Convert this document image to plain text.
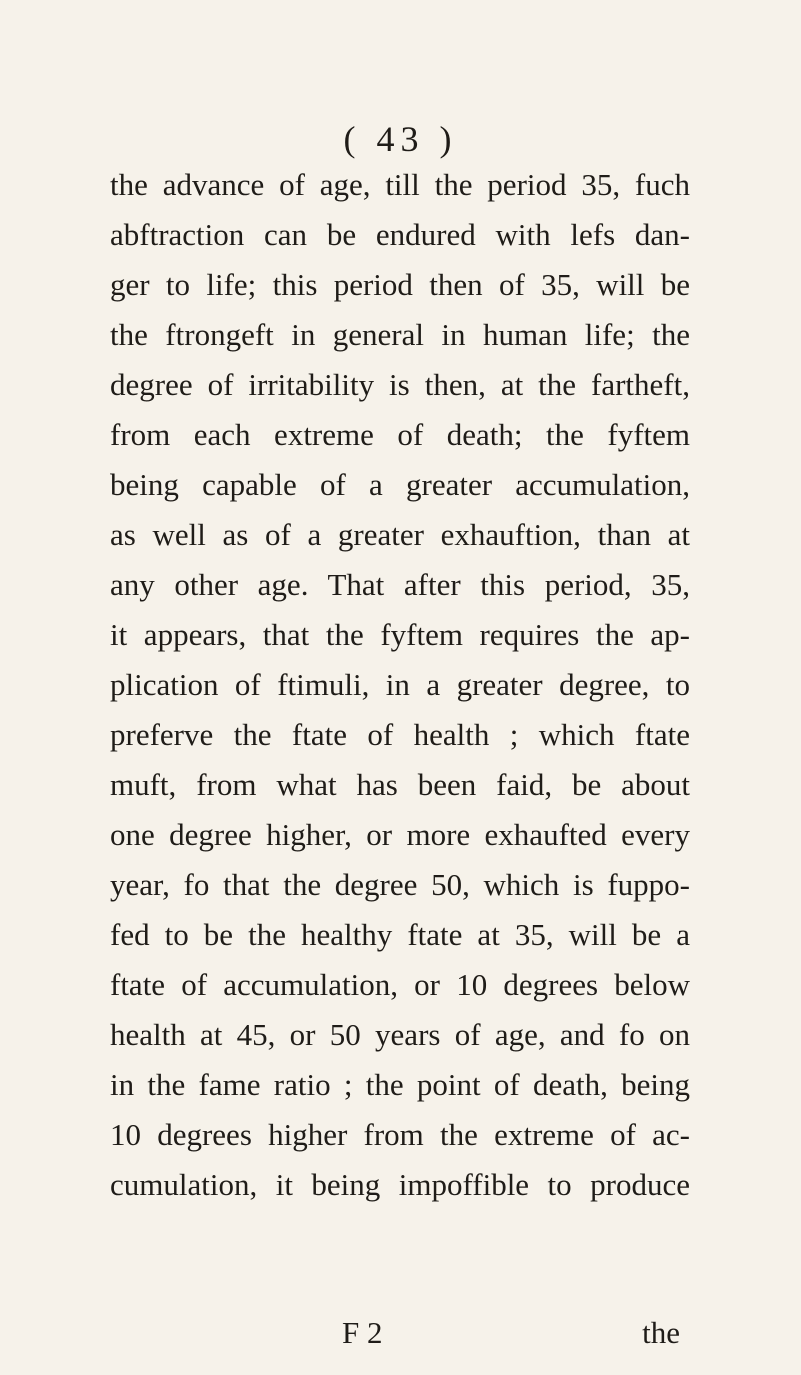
( 43 )
the advance of age, till the period 35, fuch
abftraction can be endured with lefs dan-
ger to life; this period then of 35, will be
the ftrongeft in general in human life; the
degree of irritability is then, at the fartheft,
from each extreme of death; the fyftem
being capable of a greater accumulation,
as well as of a greater exhauftion, than at
any other age. That after this period, 35,
it appears, that the fyftem requires the ap-
plication of ftimuli, in a greater degree, to
preferve the ftate of health ; which ftate
muft, from what has been faid, be about
one degree higher, or more exhaufted every
year, fo that the degree 50, which is fuppo-
fed to be the healthy ftate at 35, will be a
ftate of accumulation, or 10 degrees below
health at 45, or 50 years of age, and fo on
in the fame ratio ; the point of death, being
10 degrees higher from the extreme of ac-
cumulation, it being impoffible to produce
F 2	the
